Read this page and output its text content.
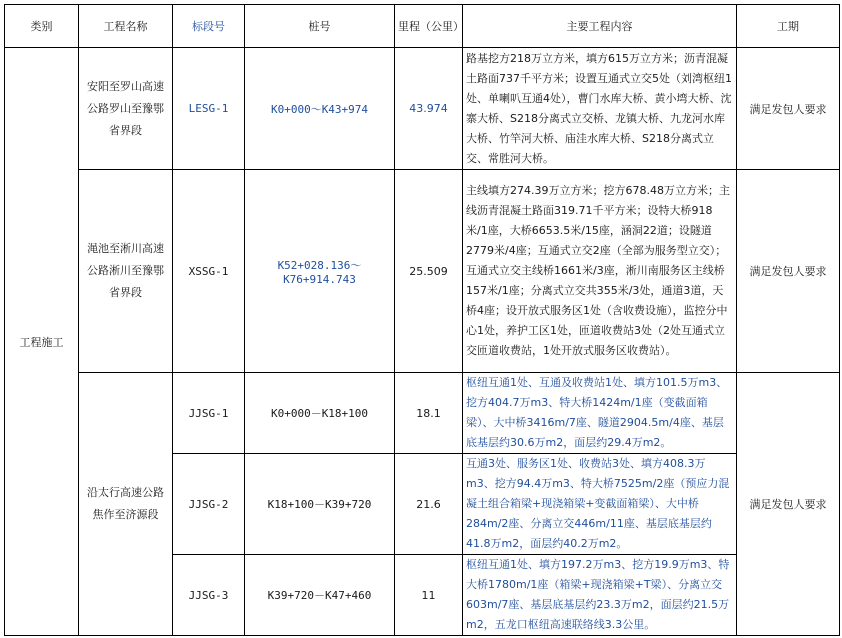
类别	工程名称	标段号	桩号	里程（公里）	主要工程内容	工期
工程施工	安阳至罗山高速公路罗山至豫鄂省界段	LESG-1	K0+000～K43+974	43.974	路基挖方218万立方米，填方615万立方米；沥青混凝土路面737千平方米；设置互通式立交5处（刘湾枢纽1处、单喇叭互通4处），曹门水库大桥、黄小塆大桥、沈寨大桥、S218分离式立交桥、龙镇大桥、九龙河水库大桥、竹竿河大桥、庙洼水库大桥、S218分离式立交、常胜河大桥。	满足发包人要求
	渑池至淅川高速公路淅川至豫鄂省界段	XSSG-1	K52+028.136～K76+914.743	25.509	主线填方274.39万立方米；挖方678.48万立方米；主线沥青混凝土路面319.71千平方米；设特大桥918米/1座，大桥6653.5米/15座，涵洞22道；设隧道2779米/4座；互通式立交2座（全部为服务型立交）；互通式立交主线桥1661米/3座，淅川南服务区主线桥157米/1座；分离式立交共355米/3处，通道3道，天桥4座；设开放式服务区1处（含收费设施），监控分中心1处，养护工区1处，匝道收费站3处（2处互通式立交匝道收费站，1处开放式服务区收费站）。	满足发包人要求
	沿太行高速公路焦作至济源段	JJSG-1	K0+000－K18+100	18.1	枢纽互通1处、互通及收费站1处、填方101.5万m3、挖方404.7万m3、特大桥1424m/1座（变截面箱梁）、大中桥3416m/7座、隧道2904.5m/4座、基层底基层约30.6万m2，面层约29.4万m2。	满足发包人要求
		JJSG-2	K18+100－K39+720	21.6	互通3处、服务区1处、收费站3处、填方408.3万m3、挖方94.4万m3、特大桥7525m/2座（预应力混凝土组合箱梁+现浇箱梁+变截面箱梁）、大中桥284m/2座、分离立交446m/11座、基层底基层约41.8万m2，面层约40.2万m2。	
		JJSG-3	K39+720－K47+460	11	枢纽互通1处、填方197.2万m3、挖方19.9万m3、特大桥1780m/1座（箱梁+现浇箱梁+T梁）、分离立交603m/7座、基层底基层约23.3万m2，面层约21.5万m2，五龙口枢纽高速联络线3.3公里。	
